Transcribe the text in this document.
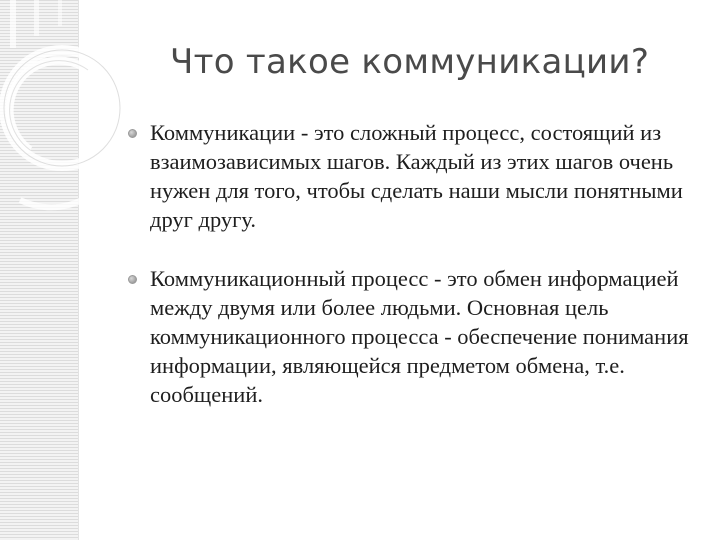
Что такое коммуникации?
Коммуникации - это сложный процесс, состоящий из взаимозависимых шагов. Каждый из этих шагов очень нужен для того, чтобы сделать наши мысли понятными друг другу.
Коммуникационный процесс - это обмен информацией между двумя или более людьми. Основная цель коммуникационного процесса - обеспечение понимания информации, являющейся предметом обмена, т.е. сообщений.
